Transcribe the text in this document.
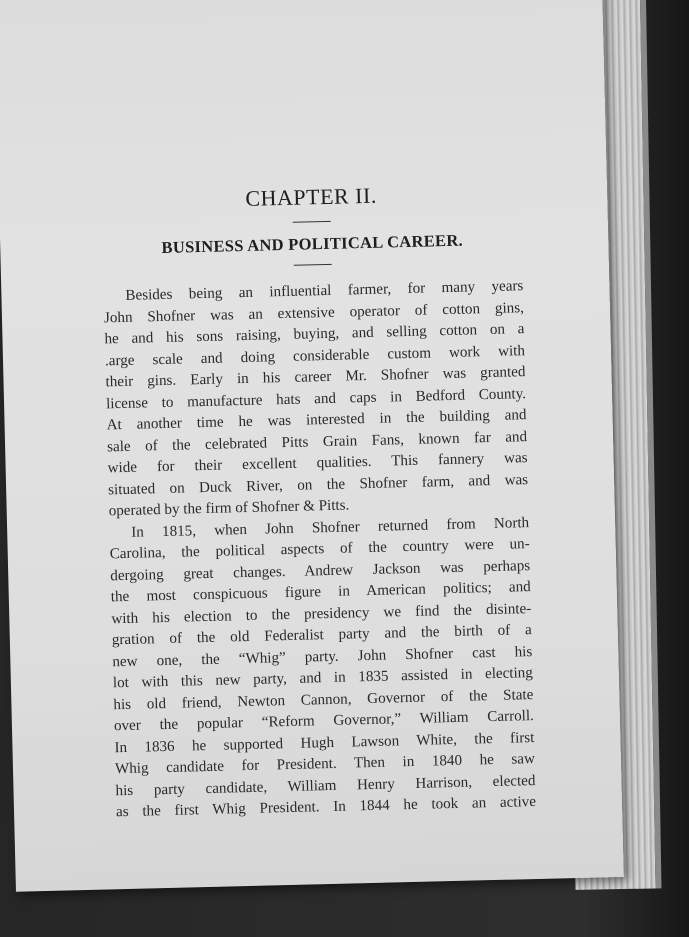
CHAPTER II.
BUSINESS AND POLITICAL CAREER.
Besides being an influential farmer, for many years
John Shofner was an extensive operator of cotton gins,
he and his sons raising, buying, and selling cotton on a
.arge scale and doing considerable custom work with
their gins. Early in his career Mr. Shofner was granted
license to manufacture hats and caps in Bedford County.
At another time he was interested in the building and
sale of the celebrated Pitts Grain Fans, known far and
wide for their excellent qualities. This fannery was
situated on Duck River, on the Shofner farm, and was
operated by the firm of Shofner & Pitts.
In 1815, when John Shofner returned from North
Carolina, the political aspects of the country were un-
dergoing great changes. Andrew Jackson was perhaps
the most conspicuous figure in American politics; and
with his election to the presidency we find the disinte-
gration of the old Federalist party and the birth of a
new one, the “Whig” party. John Shofner cast his
lot with this new party, and in 1835 assisted in electing
his old friend, Newton Cannon, Governor of the State
over the popular “Reform Governor,” William Carroll.
In 1836 he supported Hugh Lawson White, the first
Whig candidate for President. Then in 1840 he saw
his party candidate, William Henry Harrison, elected
as the first Whig President. In 1844 he took an active
